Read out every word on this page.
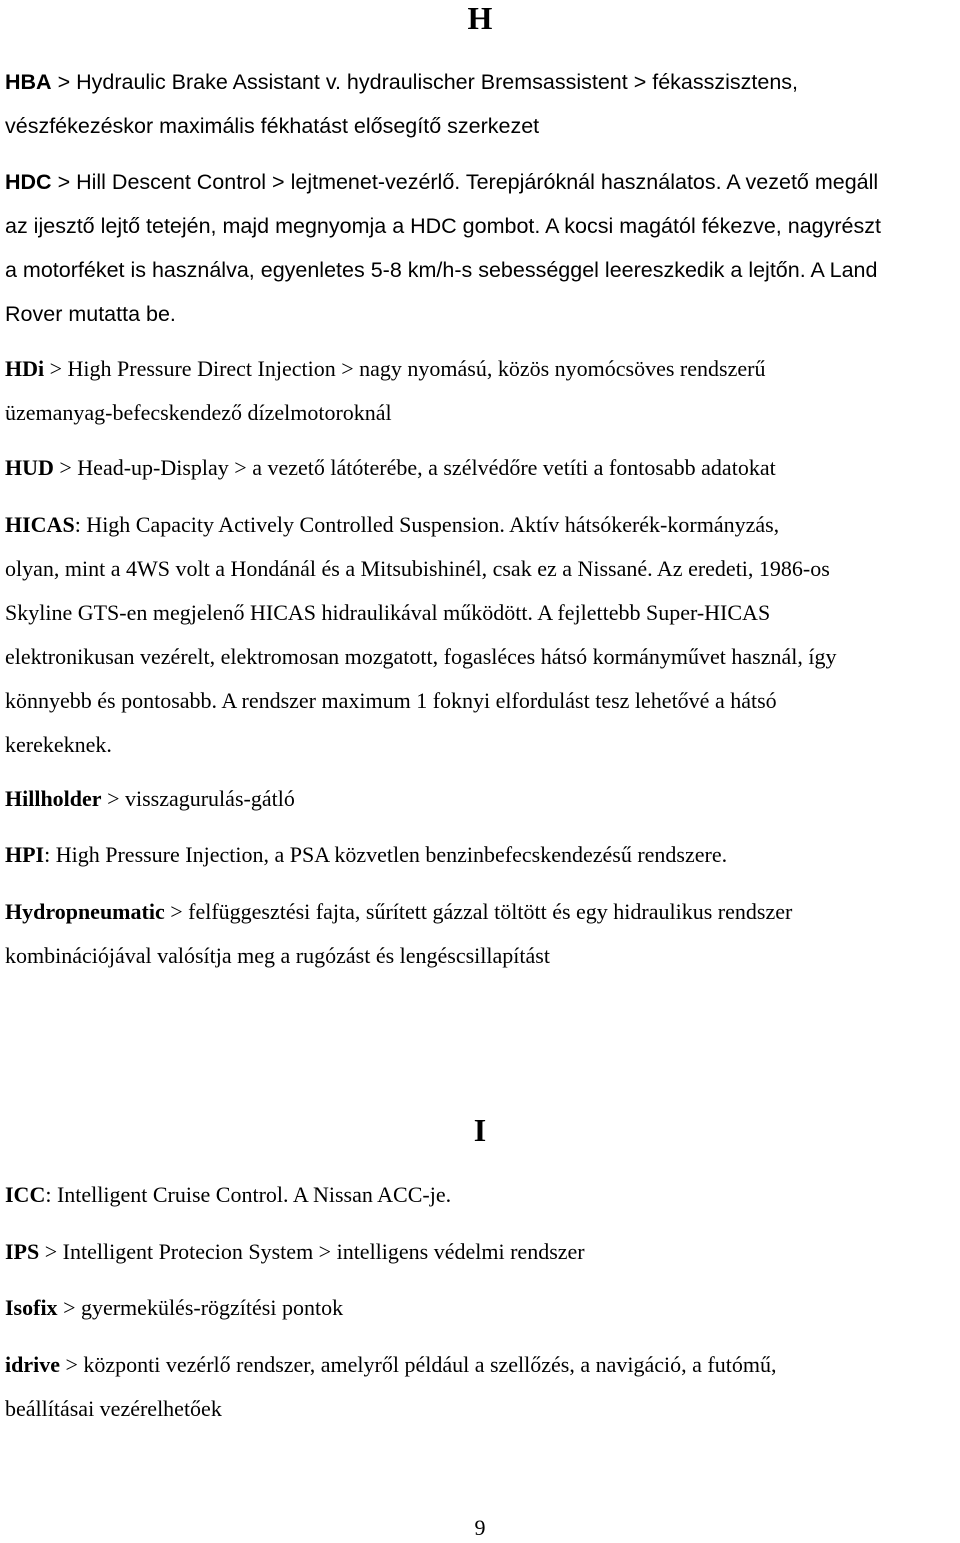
H
HBA > Hydraulic Brake Assistant v. hydraulischer Bremsassistent > fékasszisztens,
vészfékezéskor maximális fékhatást elősegítő szerkezet
HDC > Hill Descent Control > lejtmenet-vezérlő. Terepjáróknál használatos. A vezető megáll
az ijesztő lejtő tetején, majd megnyomja a HDC gombot. A kocsi magától fékezve, nagyrészt
a motorféket is használva, egyenletes 5-8 km/h-s sebességgel leereszkedik a lejtőn. A Land
Rover mutatta be.
HDi > High Pressure Direct Injection > nagy nyomású, közös nyomócsöves rendszerű
üzemanyag-befecskendező dízelmotoroknál
HUD > Head-up-Display > a vezető látóterébe, a szélvédőre vetíti a fontosabb adatokat
HICAS: High Capacity Actively Controlled Suspension. Aktív hátsókerék-kormányzás,
olyan, mint a 4WS volt a Hondánál és a Mitsubishinél, csak ez a Nissané. Az eredeti, 1986-os
Skyline GTS-en megjelenő HICAS hidraulikával működött. A fejlettebb Super-HICAS
elektronikusan vezérelt, elektromosan mozgatott, fogasléces hátsó kormányművet használ, így
könnyebb és pontosabb. A rendszer maximum 1 foknyi elfordulást tesz lehetővé a hátsó
kerekeknek.
Hillholder > visszagurulás-gátló
HPI: High Pressure Injection, a PSA közvetlen benzinbefecskendezésű rendszere.
Hydropneumatic > felfüggesztési fajta, sűrített gázzal töltött és egy hidraulikus rendszer
kombinációjával valósítja meg a rugózást és lengéscsillapítást
I
ICC: Intelligent Cruise Control. A Nissan ACC-je.
IPS > Intelligent Protecion System > intelligens védelmi rendszer
Isofix > gyermekülés-rögzítési pontok
idrive > központi vezérlő rendszer, amelyről például a szellőzés, a navigáció, a futómű,
beállításai vezérelhetőek
9
